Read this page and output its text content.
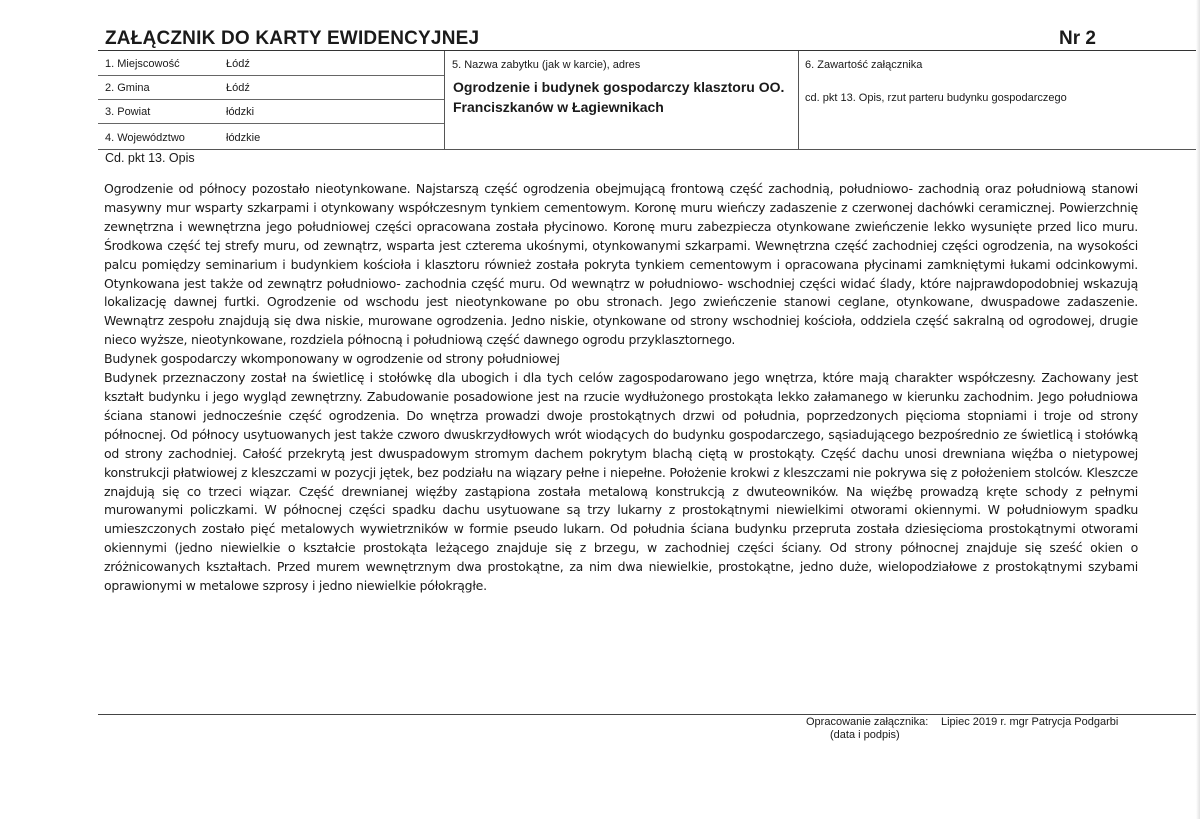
ZAŁĄCZNIK DO KARTY EWIDENCYJNEJ	Nr 2
1. Miejscowość	Łódź
2. Gmina	Łódź
3. Powiat	łódzki
4. Województwo	łódzkie
5. Nazwa zabytku (jak w karcie), adres
Ogrodzenie i budynek gospodarczy klasztoru OO. Franciszkanów w Łagiewnikach
6. Zawartość załącznika
cd. pkt 13. Opis, rzut parteru budynku gospodarczego
Cd. pkt 13. Opis

Ogrodzenie od północy pozostało nieotynkowane. Najstarszą część ogrodzenia obejmującą frontową część zachodnią, południowo- zachodnią oraz południową stanowi masywny mur wsparty szkarpami i otynkowany współczesnym tynkiem cementowym. Koronę muru wieńczy zadaszenie z czerwonej dachówki ceramicznej. Powierzchnię zewnętrzna i wewnętrzna jego południowej części opracowana została płycinowo. Koronę muru zabezpiecza otynkowane zwieńczenie lekko wysunięte przed lico muru. Środkowa część tej strefy muru, od zewnątrz, wsparta jest czterema ukośnymi, otynkowanymi szkarpami. Wewnętrzna część zachodniej części ogrodzenia, na wysokości palcu pomiędzy seminarium i budynkiem kościoła i klasztoru również została pokryta tynkiem cementowym i opracowana płycinami zamkniętymi łukami odcinkowymi. Otynkowana jest także od zewnątrz południowo- zachodnia część muru. Od wewnątrz w południowo- wschodniej części widać ślady, które najprawdopodobniej wskazują lokalizację dawnej furtki. Ogrodzenie od wschodu jest nieotynkowane po obu stronach. Jego zwieńczenie stanowi ceglane, otynkowane, dwuspadowe zadaszenie. Wewnątrz zespołu znajdują się dwa niskie, murowane ogrodzenia. Jedno niskie, otynkowane od strony wschodniej kościoła, oddziela część sakralną od ogrodowej, drugie nieco wyższe, nieotynkowane, rozdziela północną i południową część dawnego ogrodu przyklasztornego.

Budynek gospodarczy wkomponowany w ogrodzenie od strony południowej

Budynek przeznaczony został na świetlicę i stołówkę dla ubogich i dla tych celów zagospodarowano jego wnętrza, które mają charakter współczesny. Zachowany jest kształt budynku i jego wygląd zewnętrzny. Zabudowanie posadowione jest na rzucie wydłużonego prostokąta lekko załamanego w kierunku zachodnim. Jego południowa ściana stanowi jednocześnie część ogrodzenia. Do wnętrza prowadzi dwoje prostokątnych drzwi od południa, poprzedzonych pięcioma stopniami i troje od strony północnej. Od północy usytuowanych jest także czworo dwuskrzydłowych wrót wiodących do budynku gospodarczego, sąsiadującego bezpośrednio ze świetlicą i stołówką od strony zachodniej. Całość przekrytą jest dwuspadowym stromym dachem pokrytym blachą ciętą w prostokąty. Część dachu unosi drewniana więźba o nietypowej konstrukcji płatwiowej z kleszczami w pozycji jętek, bez podziału na wiązary pełne i niepełne. Położenie krokwi z kleszczami nie pokrywa się z położeniem stolców. Kleszcze znajdują się co trzeci wiązar. Część drewnianej więźby zastąpiona została metalową konstrukcją z dwuteowników. Na więźbę prowadzą kręte schody z pełnymi murowanymi policzkami. W północnej części spadku dachu usytuowane są trzy lukarny z prostokątnymi niewielkimi otworami okiennymi. W południowym spadku umieszczonych zostało pięć metalowych wywietrzników w formie pseudo lukarn. Od południa ściana budynku przepruta została dziesięcioma prostokątnymi otworami okiennymi (jedno niewielkie o kształcie prostokąta leżącego znajduje się z brzegu, w zachodniej części ściany. Od strony północnej znajduje się sześć okien o zróżnicowanych kształtach. Przed murem wewnętrznym dwa prostokątne, za nim dwa niewielkie, prostokątne, jedno duże, wielopodziałowe z prostokątnymi szybami oprawionymi w metalowe szprosy i jedno niewielkie półokrągłe.

Opracowanie załącznika:
(data i podpis)
Lipiec 2019 r. mgr Patrycja Podgarbi
